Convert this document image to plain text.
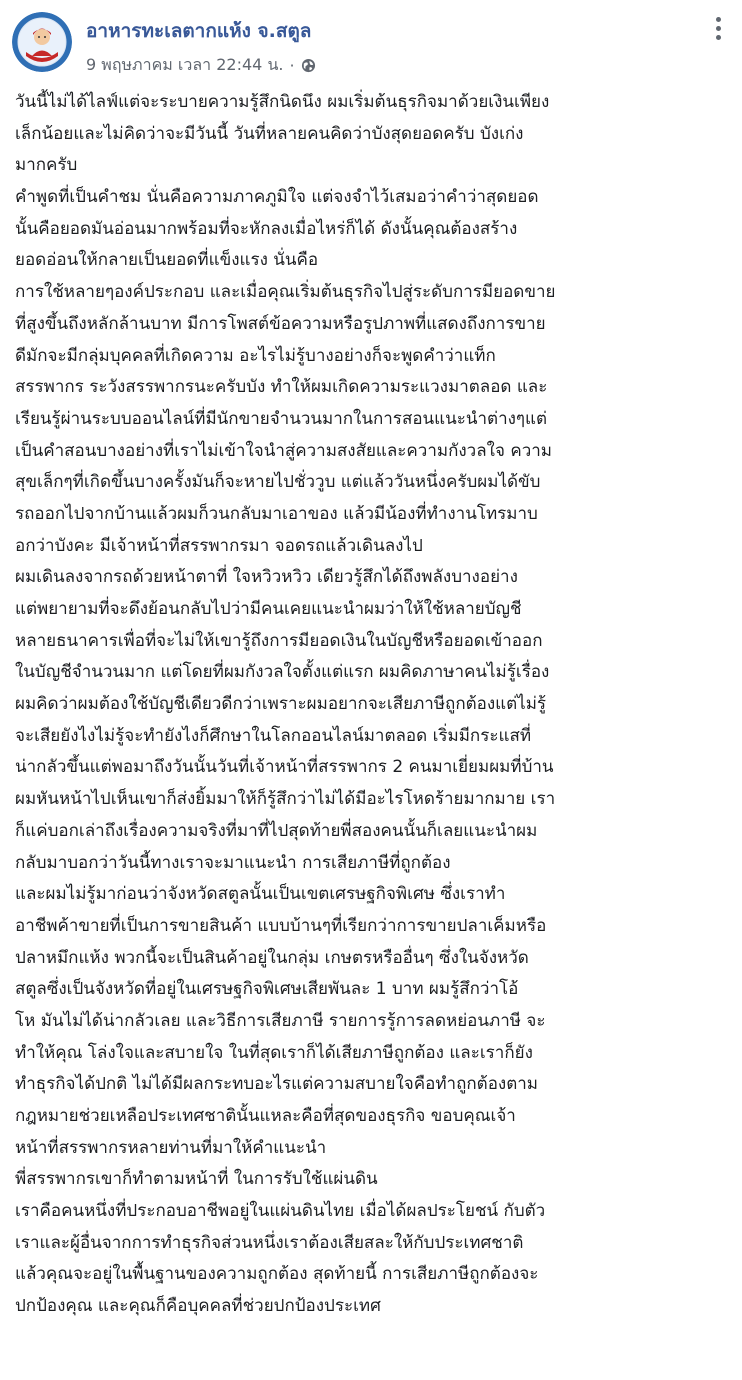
อาหารทะเลตากแห้ง จ.สตูล
9 พฤษภาคม เวลา 22:44 น. ·
วันนี้ไม่ได้ไลฟ์แต่จะระบายความรู้สึกนิดนึง ผมเริ่มต้นธุรกิจมาด้วยเงินเพียง
เล็กน้อยและไม่คิดว่าจะมีวันนี้ วันที่หลายคนคิดว่าบังสุดยอดครับ บังเก่ง
มากครับ
คำพูดที่เป็นคำชม นั่นคือความภาคภูมิใจ แต่จงจำไว้เสมอว่าคำว่าสุดยอด
นั้นคือยอดมันอ่อนมากพร้อมที่จะหักลงเมื่อไหร่ก็ได้ ดังนั้นคุณต้องสร้าง
ยอดอ่อนให้กลายเป็นยอดที่แข็งแรง นั่นคือ
การใช้หลายๆองค์ประกอบ และเมื่อคุณเริ่มต้นธุรกิจไปสู่ระดับการมียอดขาย
ที่สูงขึ้นถึงหลักล้านบาท มีการโพสต์ข้อความหรือรูปภาพที่แสดงถึงการขาย
ดีมักจะมีกลุ่มบุคคลที่เกิดความ อะไรไม่รู้บางอย่างก็จะพูดคำว่าแท็ก
สรรพากร ระวังสรรพากรนะครับบัง ทำให้ผมเกิดความระแวงมาตลอด และ
เรียนรู้ผ่านระบบออนไลน์ที่มีนักขายจำนวนมากในการสอนแนะนำต่างๆแต่
เป็นคำสอนบางอย่างที่เราไม่เข้าใจนำสู่ความสงสัยและความกังวลใจ ความ
สุขเล็กๆที่เกิดขึ้นบางครั้งมันก็จะหายไปชั่ววูบ แต่แล้ววันหนึ่งครับผมได้ขับ
รถออกไปจากบ้านแล้วผมก็วนกลับมาเอาของ แล้วมีน้องที่ทำงานโทรมาบ
อกว่าบังคะ มีเจ้าหน้าที่สรรพากรมา จอดรถแล้วเดินลงไป
ผมเดินลงจากรถด้วยหน้าตาที่ ใจหวิวหวิว เดียวรู้สึกได้ถึงพลังบางอย่าง
แต่พยายามที่จะดึงย้อนกลับไปว่ามีคนเคยแนะนำผมว่าให้ใช้หลายบัญชี
หลายธนาคารเพื่อที่จะไม่ให้เขารู้ถึงการมียอดเงินในบัญชีหรือยอดเข้าออก
ในบัญชีจำนวนมาก แต่โดยที่ผมกังวลใจตั้งแต่แรก ผมคิดภาษาคนไม่รู้เรื่อง
ผมคิดว่าผมต้องใช้บัญชีเดียวดีกว่าเพราะผมอยากจะเสียภาษีถูกต้องแต่ไม่รู้
จะเสียยังไงไม่รู้จะทำยังไงก็ศึกษาในโลกออนไลน์มาตลอด เริ่มมีกระแสที่
น่ากลัวขึ้นแต่พอมาถึงวันนั้นวันที่เจ้าหน้าที่สรรพากร 2 คนมาเยี่ยมผมที่บ้าน
ผมหันหน้าไปเห็นเขาก็ส่งยิ้มมาให้ก็รู้สึกว่าไม่ได้มีอะไรโหดร้ายมากมาย เรา
ก็แค่บอกเล่าถึงเรื่องความจริงที่มาที่ไปสุดท้ายพี่สองคนนั้นก็เลยแนะนำผม
กลับมาบอกว่าวันนี้ทางเราจะมาแนะนำ การเสียภาษีที่ถูกต้อง
และผมไม่รู้มาก่อนว่าจังหวัดสตูลนั้นเป็นเขตเศรษฐกิจพิเศษ ซึ่งเราทำ
อาชีพค้าขายที่เป็นการขายสินค้า แบบบ้านๆที่เรียกว่าการขายปลาเค็มหรือ
ปลาหมึกแห้ง พวกนี้จะเป็นสินค้าอยู่ในกลุ่ม เกษตรหรืออื่นๆ ซึ่งในจังหวัด
สตูลซึ่งเป็นจังหวัดที่อยู่ในเศรษฐกิจพิเศษเสียพันละ 1 บาท ผมรู้สึกว่าโอ้
โห มันไม่ได้น่ากลัวเลย และวิธีการเสียภาษี รายการรู้การลดหย่อนภาษี จะ
ทำให้คุณ โล่งใจและสบายใจ ในที่สุดเราก็ได้เสียภาษีถูกต้อง และเราก็ยัง
ทำธุรกิจได้ปกติ ไม่ได้มีผลกระทบอะไรแต่ความสบายใจคือทำถูกต้องตาม
กฎหมายช่วยเหลือประเทศชาตินั้นแหละคือที่สุดของธุรกิจ ขอบคุณเจ้า
หน้าที่สรรพากรหลายท่านที่มาให้คำแนะนำ
พี่สรรพากรเขาก็ทำตามหน้าที่ ในการรับใช้แผ่นดิน
เราคือคนหนึ่งที่ประกอบอาชีพอยู่ในแผ่นดินไทย เมื่อได้ผลประโยชน์ กับตัว
เราและผู้อื่นจากการทำธุรกิจส่วนหนึ่งเราต้องเสียสละให้กับประเทศชาติ
แล้วคุณจะอยู่ในพื้นฐานของความถูกต้อง สุดท้ายนี้ การเสียภาษีถูกต้องจะ
ปกป้องคุณ และคุณก็คือบุคคลที่ช่วยปกป้องประเทศ
